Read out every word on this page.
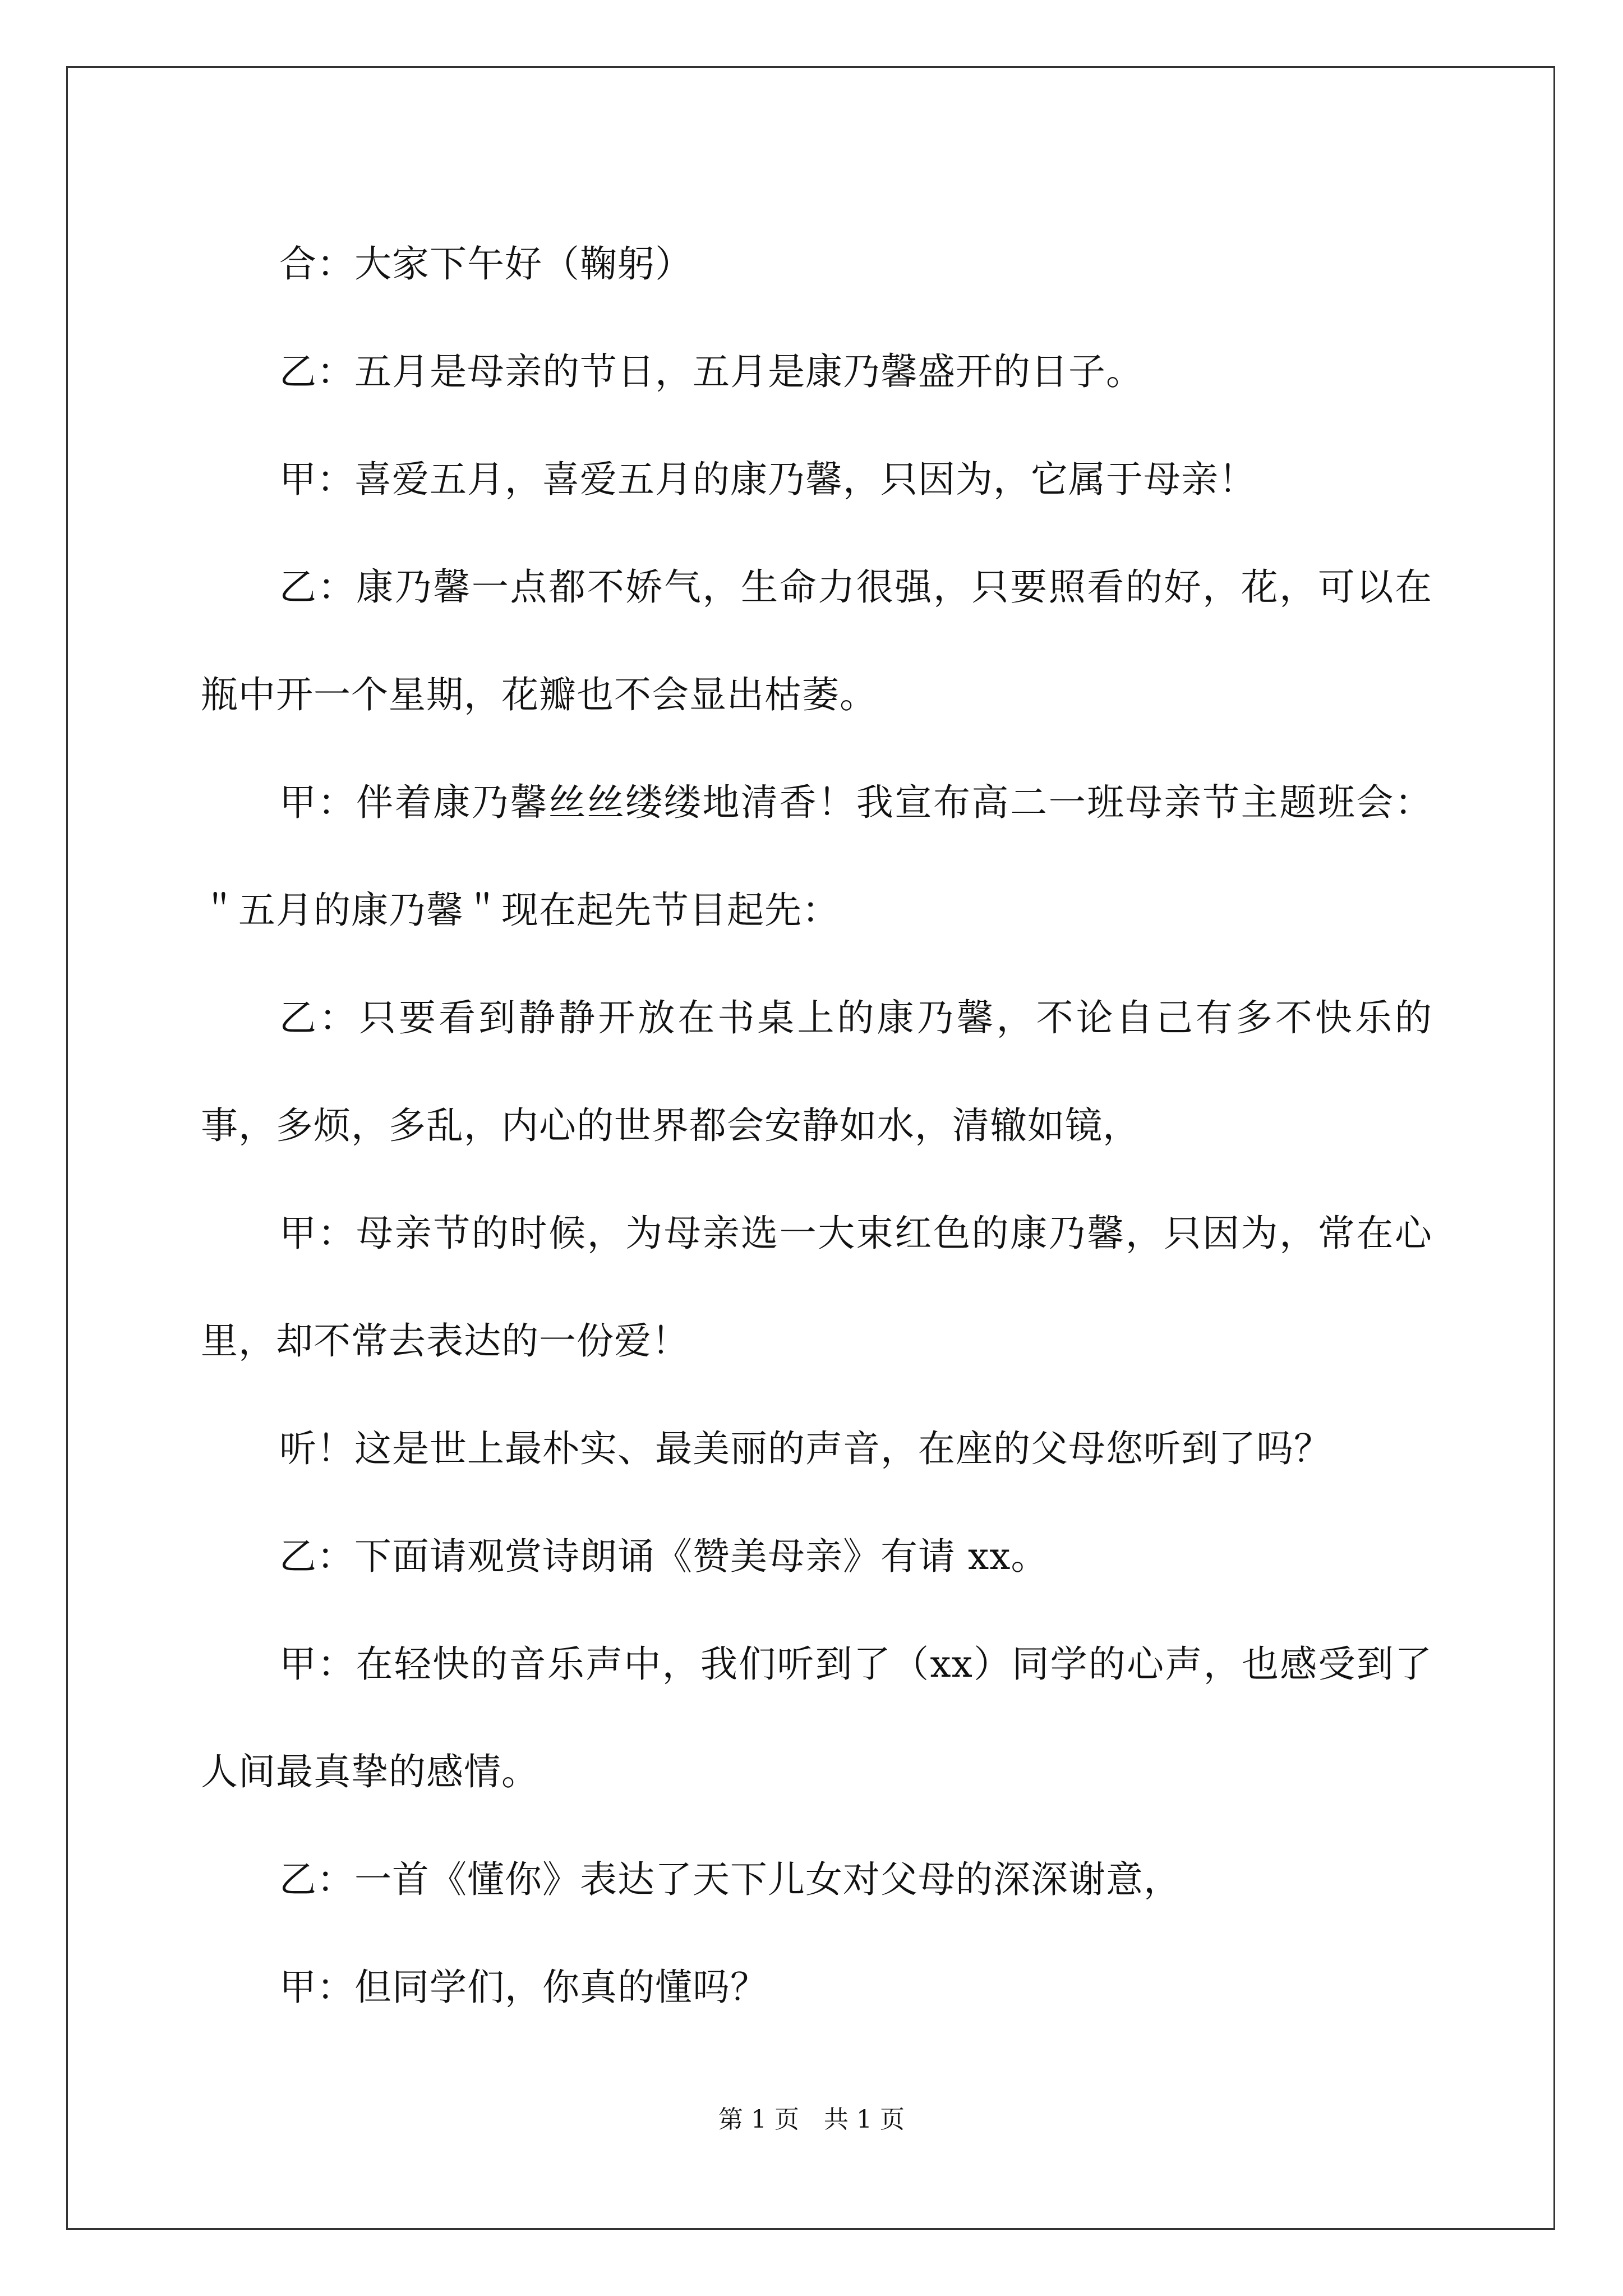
合：大家下午好（鞠躬）

乙：五月是母亲的节日，五月是康乃馨盛开的日子。

甲：喜爱五月，喜爱五月的康乃馨，只因为，它属于母亲！

乙：康乃馨一点都不娇气，生命力很强，只要照看的好，花，可以在瓶中开一个星期，花瓣也不会显出枯萎。

甲：伴着康乃馨丝丝缕缕地清香！我宣布高二一班母亲节主题班会：＂五月的康乃馨＂现在起先节目起先：

乙：只要看到静静开放在书桌上的康乃馨，不论自己有多不快乐的事，多烦，多乱，内心的世界都会安静如水，清辙如镜，

甲：母亲节的时候，为母亲选一大束红色的康乃馨，只因为，常在心里，却不常去表达的一份爱！

听！这是世上最朴实、最美丽的声音，在座的父母您听到了吗？

乙：下面请观赏诗朗诵《赞美母亲》有请 xx。

甲：在轻快的音乐声中，我们听到了（xx）同学的心声，也感受到了人间最真挚的感情。

乙：一首《懂你》表达了天下儿女对父母的深深谢意，

甲：但同学们，你真的懂吗？

第 1 页　共 1 页
